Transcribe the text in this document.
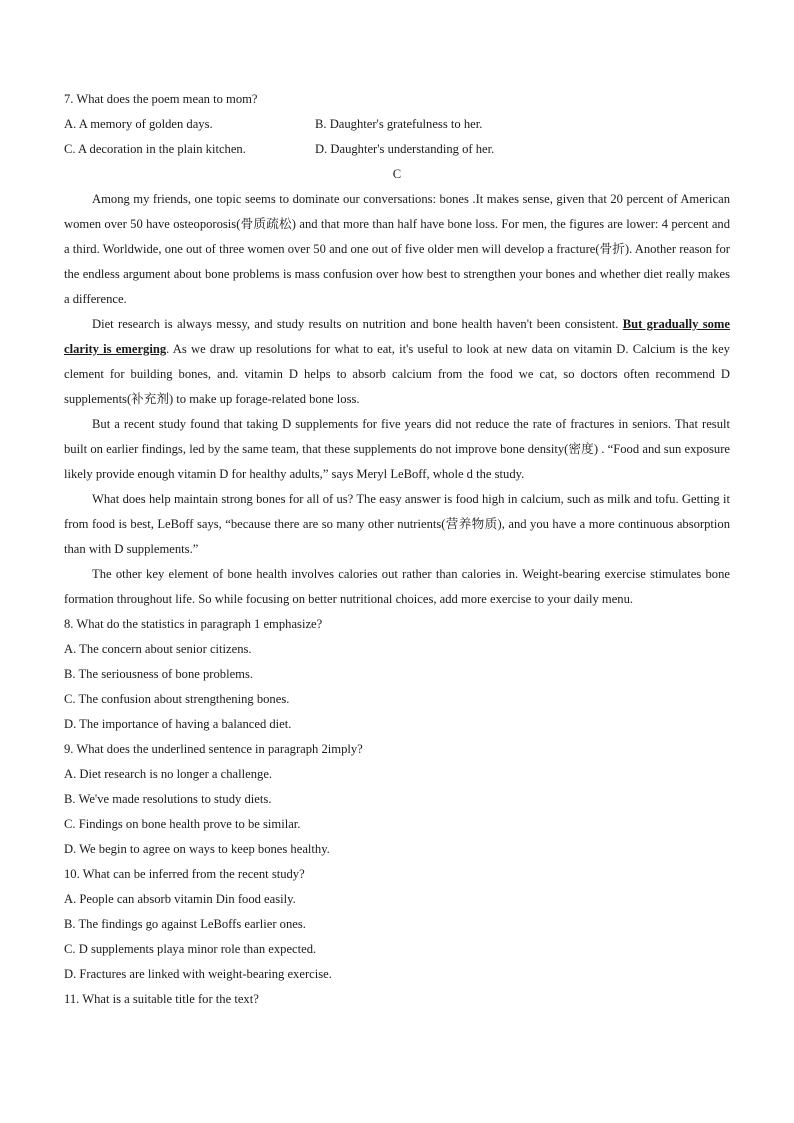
7. What does the poem mean to mom?
A. A memory of golden days.	B. Daughter's gratefulness to her.
C. A decoration in the plain kitchen.	D. Daughter's understanding of her.
C

Among my friends, one topic seems to dominate our conversations: bones .It makes sense, given that 20 percent of American women over 50 have osteoporosis(骨质疏松) and that more than half have bone loss. For men, the figures are lower: 4 percent and a third. Worldwide, one out of three women over 50 and one out of five older men will develop a fracture(骨折). Another reason for the endless argument about bone problems is mass confusion over how best to strengthen your bones and whether diet really makes a difference.

Diet research is always messy, and study results on nutrition and bone health haven't been consistent. But gradually some clarity is emerging. As we draw up resolutions for what to eat, it's useful to look at new data on vitamin D. Calcium is the key clement for building bones, and. vitamin D helps to absorb calcium from the food we cat, so doctors often recommend D supplements(补充剂) to make up forage-related bone loss.

But a recent study found that taking D supplements for five years did not reduce the rate of fractures in seniors. That result built on earlier findings, led by the same team, that these supplements do not improve bone density(密度) . “Food and sun exposure likely provide enough vitamin D for healthy adults,” says Meryl LeBoff, whole d the study.

What does help maintain strong bones for all of us? The easy answer is food high in calcium, such as milk and tofu. Getting it from food is best, LeBoff says, “because there are so many other nutrients(营养物质), and you have a more continuous absorption than with D supplements.”

The other key element of bone health involves calories out rather than calories in. Weight-bearing exercise stimulates bone formation throughout life. So while focusing on better nutritional choices, add more exercise to your daily menu.

8. What do the statistics in paragraph 1 emphasize?
A. The concern about senior citizens.
B. The seriousness of bone problems.
C. The confusion about strengthening bones.
D. The importance of having a balanced diet.
9. What does the underlined sentence in paragraph 2imply?
A. Diet research is no longer a challenge.
B. We've made resolutions to study diets.
C. Findings on bone health prove to be similar.
D. We begin to agree on ways to keep bones healthy.
10. What can be inferred from the recent study?
A. People can absorb vitamin Din food easily.
B. The findings go against LeBoffs earlier ones.
C. D supplements playa minor role than expected.
D. Fractures are linked with weight-bearing exercise.
11. What is a suitable title for the text?
